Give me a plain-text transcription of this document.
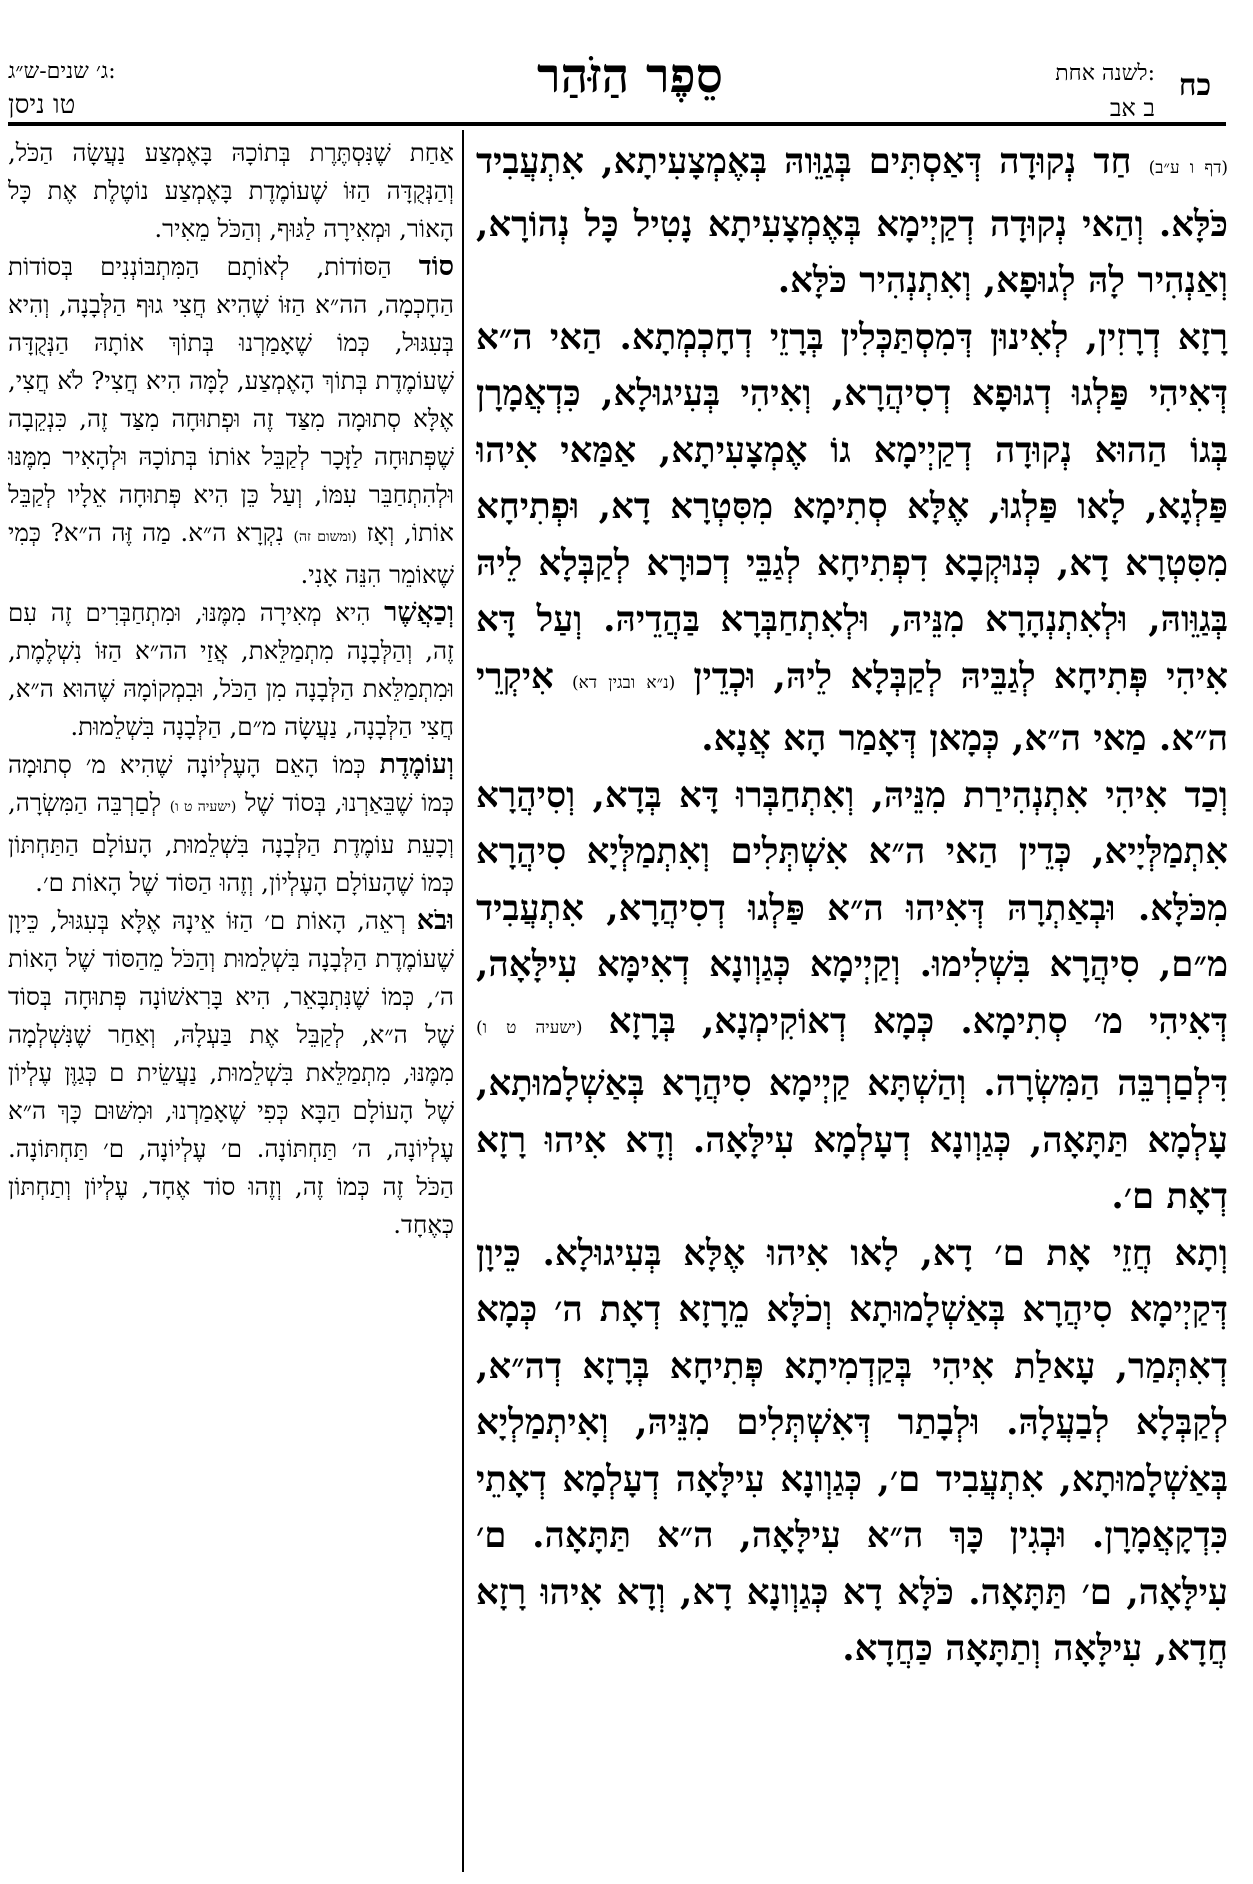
ג׳ שנים-ש״ג:
טו ניסן
סֵפֶר הַזֹּהַר	לשנה אחת:
ב אב
כח

(דף ו ע״ב) חַד נְקוּדָה דְּאַסְתִּים בְּגַוֵּוהּ בְּאֶמְצָעִיתָא, אִתְעֲבִיד כֹּלָּא. וְהַאי נְקוּדָה דְקַיְימָא בְּאֶמְצָעִיתָא נָטִיל כָּל נְהוֹרָא, וְאַנְהִיר לָהּ לְגוּפָא, וְאִתְנְהִיר כֹּלָּא.

רָזָא דְרָזִין, לְאִינוּן דְּמִסְתַּכְּלִין בְּרָזֵי דְחָכְמְתָא. הַאי ה״א דְּאִיהִי פַּלְגוּ דְגוּפָא דְסִיהֲרָא, וְאִיהִי בְּעִיגוּלָא, כִּדְאֲמָרָן בְּגוֹ הַהוּא נְקוּדָה דְקַיְימָא גוֹ אֶמְצָעִיתָא, אַמַּאי אִיהוּ פַּלְגָא, לָאו פַּלְגוּ, אֶלָּא סְתִימָא מִסִּטְרָא דָא, וּפְתִיחָא מִסִּטְרָא דָא, כְּנוּקְבָא דִפְתִיחָא לְגַבֵּי דְכוּרָא לְקַבְּלָא לֵיהּ בְּגַוֵּוהּ, וּלְאִתְנְהָרָא מִנֵּיהּ, וּלְאִתְחַבְּרָא בַּהֲדֵיהּ. וְעַל דָּא אִיהִי פְּתִיחָא לְגַבֵּיהּ לְקַבְּלָא לֵיהּ, וּכְדֵין (נ״א ובגין דא) אִיקְרֵי ה״א. מַאי ה״א, כְּמָאן דְּאָמַר הָא אֲנָא.

וְכַד אִיהִי אִתְנְהִירַת מִנֵּיהּ, וְאִתְחַבְּרוּ דָּא בְּדָא, וְסִיהֲרָא אִתְמַלְּיָיא, כְּדֵין הַאי ה״א אִשְׁתְּלִים וְאִתְמַלְּיָא סִיהֲרָא מִכֹּלָּא. וּבְאַתְרָהּ דְּאִיהוּ ה״א פַּלְגוּ דְסִיהֲרָא, אִתְעֲבִיד מ״ם, סִיהֲרָא בִּשְׁלִימוּ. וְקַיְימָא כְּגַוְונָא דְאִימָּא עִילָּאָה, דְּאִיהִי מ׳ סְתִימָא. כְּמָא דְאוֹקִימְנָא, בְּרָזָא (ישעיה ט ו) דִּלְםַרְבֵּה הַמִּשְׂרָה. וְהַשְׁתָּא קַיְימָא סִיהֲרָא בְּאַשְׁלָמוּתָא, עָלְמָא תַּתָּאָה, כְּגַוְונָא דְעָלְמָא עִילָּאָה. וְדָא אִיהוּ רָזָא דְאָת ם׳.

וְתָא חֲזֵי אָת ם׳ דָא, לָאו אִיהוּ אֶלָּא בְּעִיגוּלָא. כֵּיוָן דְּקַיְימָא סִיהֲרָא בְּאַשְׁלָמוּתָא וְכֹלָּא מֵרָזָא דְאָת ה׳ כְּמָא דְאִתְּמַר, עָאלַת אִיהִי בְּקַדְמִיתָא פְּתִיחָא בְּרָזָא דְה״א, לְקַבְּלָא לְבַעֲלָהּ. וּלְבָתַר דְּאִשְׁתְּלִים מִנֵּיהּ, וְאִיתְמַלְיָא בְּאַשְׁלָמוּתָא, אִתְעֲבִיד ם׳, כְּגַוְונָא עִילָּאָה דְעָלְמָא דְאָתֵי כִּדְקָאֲמָרָן. וּבְגִין כָּךְ ה״א עִילָּאָה, ה״א תַּתָּאָה. ם׳ עִילָּאָה, ם׳ תַּתָּאָה. כֹּלָּא דָא כְּגַוְונָא דָא, וְדָא אִיהוּ רָזָא חֲדָא, עִילָּאָה וְתַתָּאָה כַּחֲדָא.

אַחַת שֶׁנִּסְתֶּרֶת בְּתוֹכָהּ בָּאֶמְצַע נַעֲשָׂה הַכֹּל, וְהַנְּקֻדָּה הַזּוֹ שֶׁעוֹמֶדֶת בָּאֶמְצַע נוֹטֶלֶת אֶת כָּל הָאוֹר, וּמְאִירָה לַגּוּף, וְהַכֹּל מֵאִיר.

סוֹד הַסּוֹדוֹת, לְאוֹתָם הַמִּתְבּוֹנְנִים בְּסוֹדוֹת הַחָכְמָה, הה״א הַזּוֹ שֶׁהִיא חֲצִי גוּף הַלְּבָנָה, וְהִיא בְּעִגּוּל, כְּמוֹ שֶׁאָמַרְנוּ בְּתוֹךְ אוֹתָהּ הַנְּקֻדָּה שֶׁעוֹמֶדֶת בְּתוֹךְ הָאֶמְצַע, לָמָּה הִיא חֲצִי? לֹא חֲצִי, אֶלָּא סְתוּמָה מִצַּד זֶה וּפְתוּחָה מִצַּד זֶה, כִּנְקֵבָה שֶׁפְּתוּחָה לַזָּכָר לְקַבֵּל אוֹתוֹ בְּתוֹכָהּ וּלְהָאִיר מִמֶּנּוּ וּלְהִתְחַבֵּר עִמּוֹ, וְעַל כֵּן הִיא פְּתוּחָה אֵלָיו לְקַבֵּל אוֹתוֹ, וְאָז (ומשום זה) נִקְרָא ה״א. מַה זֶּה ה״א? כְּמִי שֶׁאוֹמֵר הִנֵּה אָנִי.

וְכַאֲשֶׁר הִיא מְאִירָה מִמֶּנּוּ, וּמִתְחַבְּרִים זֶה עִם זֶה, וְהַלְּבָנָה מִתְמַלֵּאת, אֲזַי הה״א הַזּוֹ נִשְׁלֶמֶת, וּמִתְמַלֵּאת הַלְּבָנָה מִן הַכֹּל, וּבִמְקוֹמָהּ שֶׁהוּא ה״א, חֲצִי הַלְּבָנָה, נַעֲשָׂה מ״ם, הַלְּבָנָה בִּשְׁלֵמוּת.

וְעוֹמֶדֶת כְּמוֹ הָאֵם הָעֶלְיוֹנָה שֶׁהִיא מ׳ סְתוּמָה כְּמוֹ שֶׁבֵּאַרְנוּ, בְּסוֹד שֶׁל (ישעיה ט ו) לְםַרְבֵּה הַמִּשְׂרָה, וְכָעֵת עוֹמֶדֶת הַלְּבָנָה בִּשְׁלֵמוּת, הָעוֹלָם הַתַּחְתּוֹן כְּמוֹ שֶׁהָעוֹלָם הָעֶלְיוֹן, וְזֶהוּ הַסּוֹד שֶׁל הָאוֹת ם׳.

וּבֹא רְאֵה, הָאוֹת ם׳ הַזּוֹ אֵינָהּ אֶלָּא בְּעִגּוּל, כֵּיוָן שֶׁעוֹמֶדֶת הַלְּבָנָה בִּשְׁלֵמוּת וְהַכֹּל מֵהַסּוֹד שֶׁל הָאוֹת ה׳, כְּמוֹ שֶׁנִּתְבָּאֵר, הִיא בָּרִאשׁוֹנָה פְּתוּחָה בְּסוֹד שֶׁל ה״א, לְקַבֵּל אֶת בַּעְלָהּ, וְאַחַר שֶׁנִּשְׁלְמָה מִמֶּנּוּ, מִתְמַלֵּאת בִּשְׁלֵמוּת, נַעֲשֵׂית ם כְּגַוֶּן עֶלְיוֹן שֶׁל הָעוֹלָם הַבָּא כְּפִי שֶׁאָמַרְנוּ, וּמִשּׁוּם כָּךְ ה״א עֶלְיוֹנָה, ה׳ תַּחְתּוֹנָה. ם׳ עֶלְיוֹנָה, ם׳ תַּחְתּוֹנָה. הַכֹּל זֶה כְּמוֹ זֶה, וְזֶהוּ סוֹד אֶחָד, עֶלְיוֹן וְתַחְתּוֹן כְּאֶחָד.
